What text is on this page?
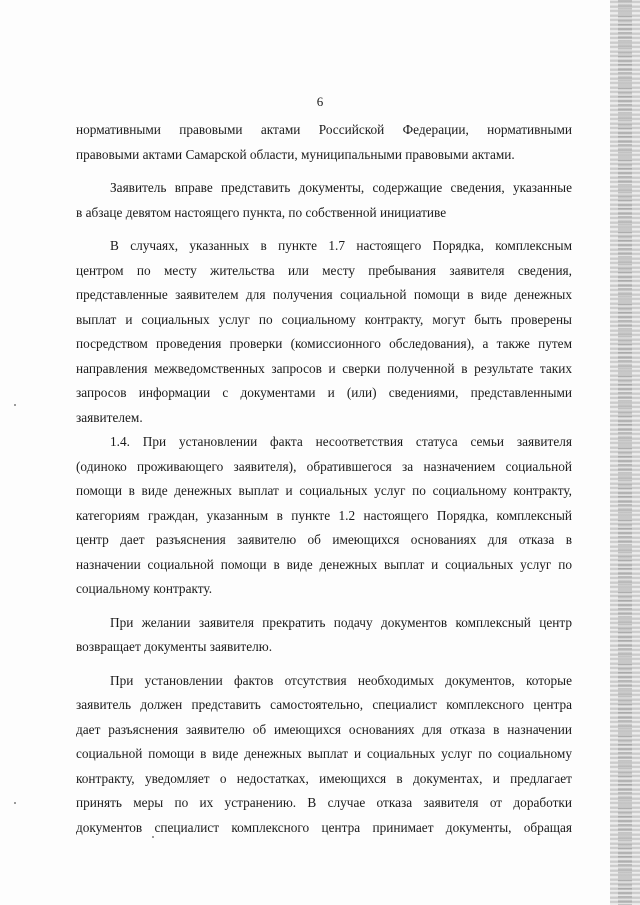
6
нормативными правовыми актами Российской Федерации, нормативными
правовыми актами Самарской области, муниципальными правовыми актами.
Заявитель вправе представить документы, содержащие сведения, указанные
в абзаце девятом настоящего пункта, по собственной инициативе
В случаях, указанных в пункте 1.7 настоящего Порядка, комплексным
центром по месту жительства или месту пребывания заявителя сведения,
представленные заявителем для получения социальной помощи в виде денежных
выплат и социальных услуг по социальному контракту, могут быть проверены
посредством проведения проверки (комиссионного обследования), а также путем
направления межведомственных запросов и сверки полученной в результате таких
запросов информации с документами и (или) сведениями, представленными
заявителем.
1.4. При установлении факта несоответствия статуса семьи заявителя
(одиноко проживающего заявителя), обратившегося за назначением социальной
помощи в виде денежных выплат и социальных услуг по социальному контракту,
категориям граждан, указанным в пункте 1.2 настоящего Порядка, комплексный
центр дает разъяснения заявителю об имеющихся основаниях для отказа в
назначении социальной помощи в виде денежных выплат и социальных услуг по
социальному контракту.
При желании заявителя прекратить подачу документов комплексный центр
возвращает документы заявителю.
При установлении фактов отсутствия необходимых документов, которые
заявитель должен представить самостоятельно, специалист комплексного центра
дает разъяснения заявителю об имеющихся основаниях для отказа в назначении
социальной помощи в виде денежных выплат и социальных услуг по социальному
контракту, уведомляет о недостатках, имеющихся в документах, и предлагает
принять меры по их устранению. В случае отказа заявителя от доработки
документов специалист комплексного центра принимает документы, обращая
